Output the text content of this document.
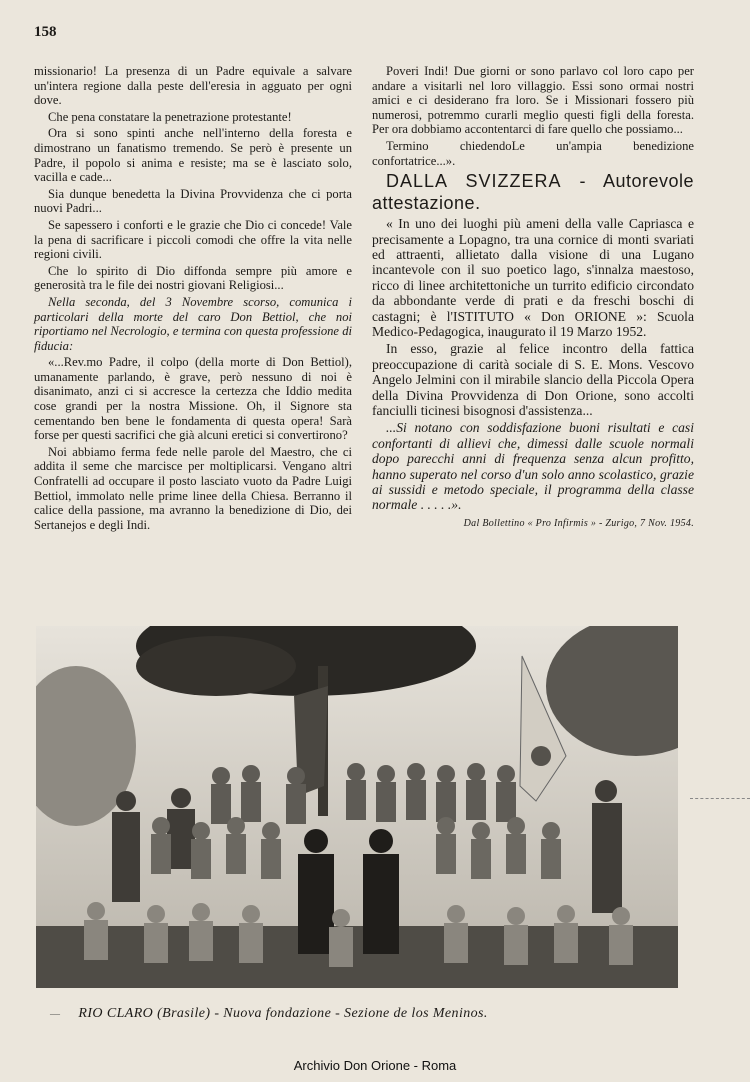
158

missionario! La presenza di un Padre equivale a salvare un'intera regione dalla peste dell'eresia in agguato per ogni dove.

Che pena constatare la penetrazione protestante!

Ora si sono spinti anche nell'interno della foresta e dimostrano un fanatismo tremendo. Se però è presente un Padre, il popolo si anima e resiste; ma se è lasciato solo, vacilla e cade...

Sia dunque benedetta la Divina Provvidenza che ci porta nuovi Padri...

Se sapessero i conforti e le grazie che Dio ci concede! Vale la pena di sacrificare i piccoli comodi che offre la vita nelle regioni civili.

Che lo spirito di Dio diffonda sempre più amore e generosità tra le file dei nostri giovani Religiosi...

Nella seconda, del 3 Novembre scorso, comunica i particolari della morte del caro Don Bettiol, che noi riportiamo nel Necrologio, e termina con questa professione di fiducia:

«...Rev.mo Padre, il colpo (della morte di Don Bettiol), umanamente parlando, è grave, però nessuno di noi è disanimato, anzi ci si accresce la certezza che Iddio medita cose grandi per la nostra Missione. Oh, il Signore sta cementando ben bene le fondamenta di questa opera! Sarà forse per questi sacrifici che già alcuni eretici si convertirono?

Noi abbiamo ferma fede nelle parole del Maestro, che ci addita il seme che marcisce per moltiplicarsi. Vengano altri Confratelli ad occupare il posto lasciato vuoto da Padre Luigi Bettiol, immolato nelle prime linee della Chiesa. Berranno il calice della passione, ma avranno la benedizione di Dio, dei Sertanejos e degli Indi.

Poveri Indi! Due giorni or sono parlavo col loro capo per andare a visitarli nel loro villaggio. Essi sono ormai nostri amici e ci desiderano fra loro. Se i Missionari fossero più numerosi, potremmo curarli meglio questi figli della foresta. Per ora dobbiamo accontentarci di fare quello che possiamo...

Termino chiedendoLe un'ampia benedizione confortatrice...».

DALLA SVIZZERA - Autorevole attestazione.

« In uno dei luoghi più ameni della valle Capriasca e precisamente a Lopagno, tra una cornice di monti svariati ed attraenti, allietato dalla visione di una Lugano incantevole con il suo poetico lago, s'innalza maestoso, ricco di linee architettoniche un turrito edificio circondato da abbondante verde di prati e da freschi boschi di castagni; è l'ISTITUTO « Don ORIONE »: Scuola Medico-Pedagogica, inaugurato il 19 Marzo 1952.

In esso, grazie al felice incontro della fattica preoccupazione di carità sociale di S. E. Mons. Vescovo Angelo Jelmini con il mirabile slancio della Piccola Opera della Divina Provvidenza di Don Orione, sono accolti fanciulli ticinesi bisognosi d'assistenza...

...Si notano con soddisfazione buoni risultati e casi confortanti di allievi che, dimessi dalle scuole normali dopo parecchi anni di frequenza senza alcun profitto, hanno superato nel corso d'un solo anno scolastico, grazie ai sussidi e metodo speciale, il programma della classe normale . . . . .».

Dal Bollettino « Pro Infirmis » - Zurigo, 7 Nov. 1954.
— RIO CLARO (Brasile) - Nuova fondazione - Sezione de los Meninos.
Archivio Don Orione - Roma
